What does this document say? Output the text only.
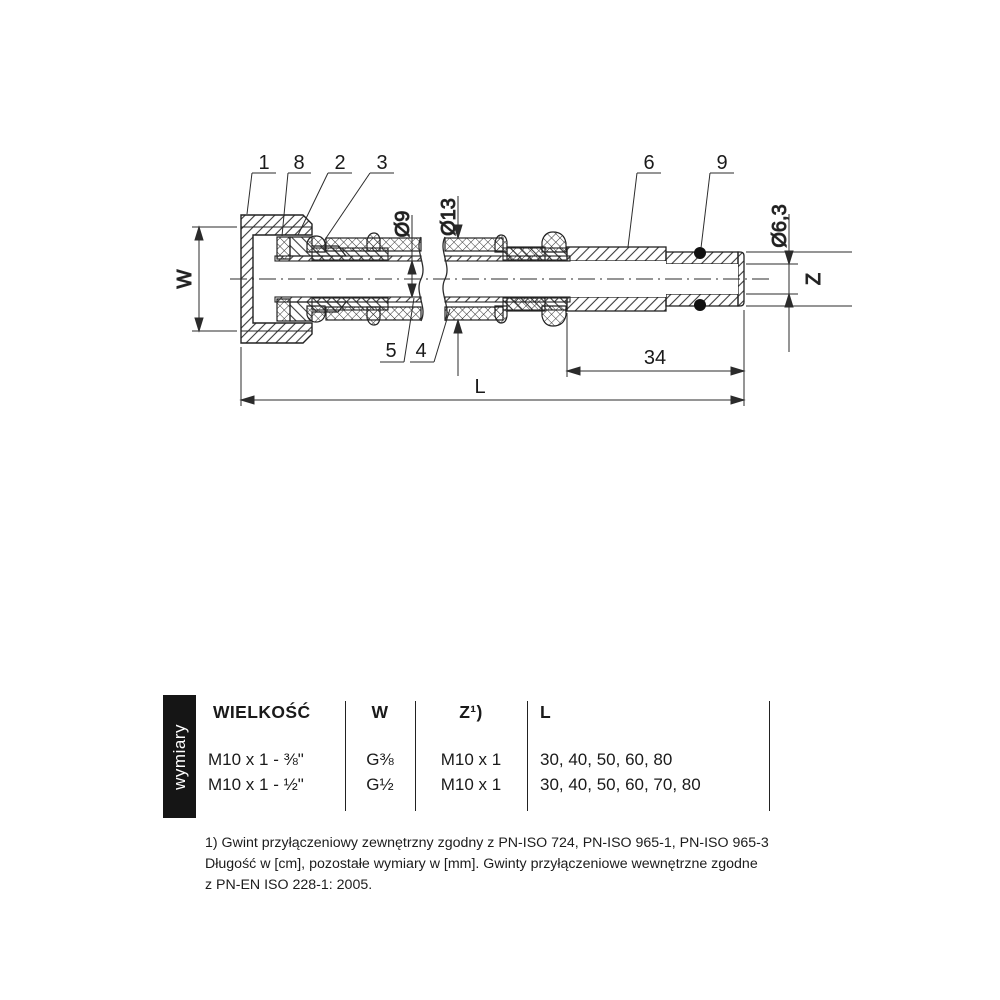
W
Ø9 Ø13	Ø6,3
Z
34
L
1 8 2 3	6	9
5 4
wymiary
WIELKOŚĆ	W	Z¹)	L
M10 x 1 - ⅜"	G⅜	M10 x 1	30, 40, 50, 60, 80
M10 x 1 - ½"	G½	M10 x 1	30, 40, 50, 60, 70, 80
1) Gwint przyłączeniowy zewnętrzny zgodny z PN-ISO 724, PN-ISO 965-1, PN-ISO 965-3
Długość w [cm], pozostałe wymiary w [mm]. Gwinty przyłączeniowe wewnętrzne zgodne
z PN-EN ISO 228-1: 2005.
